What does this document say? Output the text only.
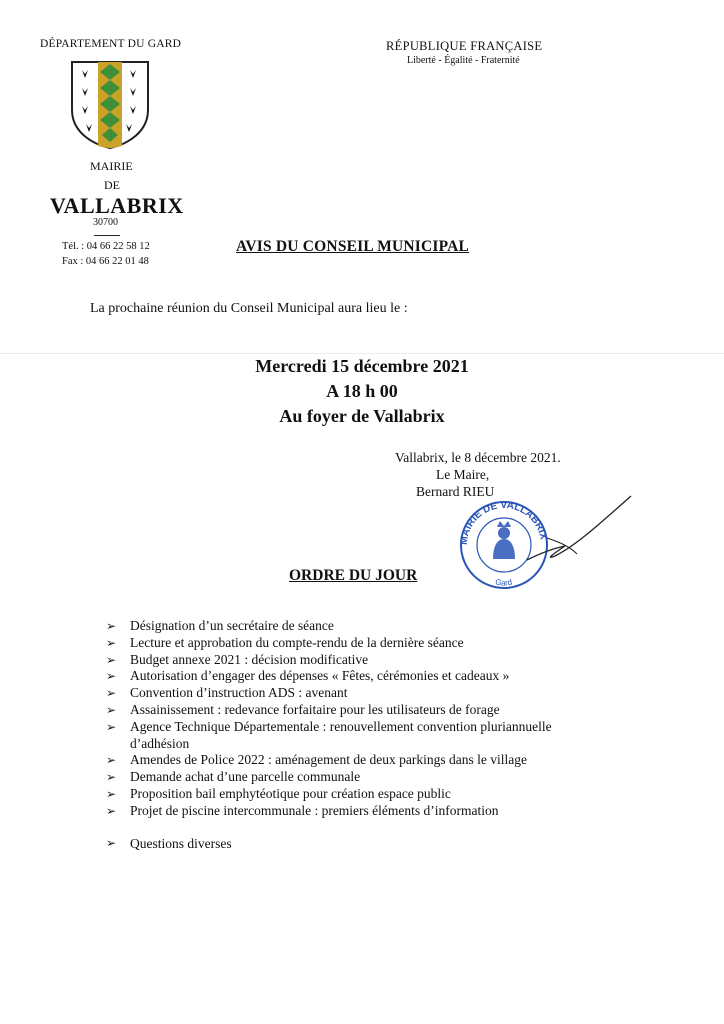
DÉPARTEMENT DU GARD
MAIRIE
DE
VALLABRIX
30700
Tél. : 04 66 22 58 12
Fax : 04 66 22 01 48
RÉPUBLIQUE FRANÇAISE
Liberté - Égalité - Fraternité
AVIS DU CONSEIL MUNICIPAL
La prochaine réunion du Conseil Municipal aura lieu le :
Mercredi 15 décembre 2021
A 18 h 00
Au foyer de Vallabrix
Vallabrix, le 8 décembre 2021.
Le Maire,
Bernard RIEU
MAIRIE DE VALLABRIX
Gard
ORDRE DU JOUR
➢ Désignation d’un secrétaire de séance
➢ Lecture et approbation du compte-rendu de la dernière séance
➢ Budget annexe 2021 : décision modificative
➢ Autorisation d’engager des dépenses « Fêtes, cérémonies et cadeaux »
➢ Convention d’instruction ADS : avenant
➢ Assainissement : redevance forfaitaire pour les utilisateurs de forage
➢ Agence Technique Départementale : renouvellement convention pluriannuelle d’adhésion
➢ Amendes de Police 2022 : aménagement de deux parkings dans le village
➢ Demande achat d’une parcelle communale
➢ Proposition bail emphytéotique pour création espace public
➢ Projet de piscine intercommunale : premiers éléments d’information
➢ Questions diverses
